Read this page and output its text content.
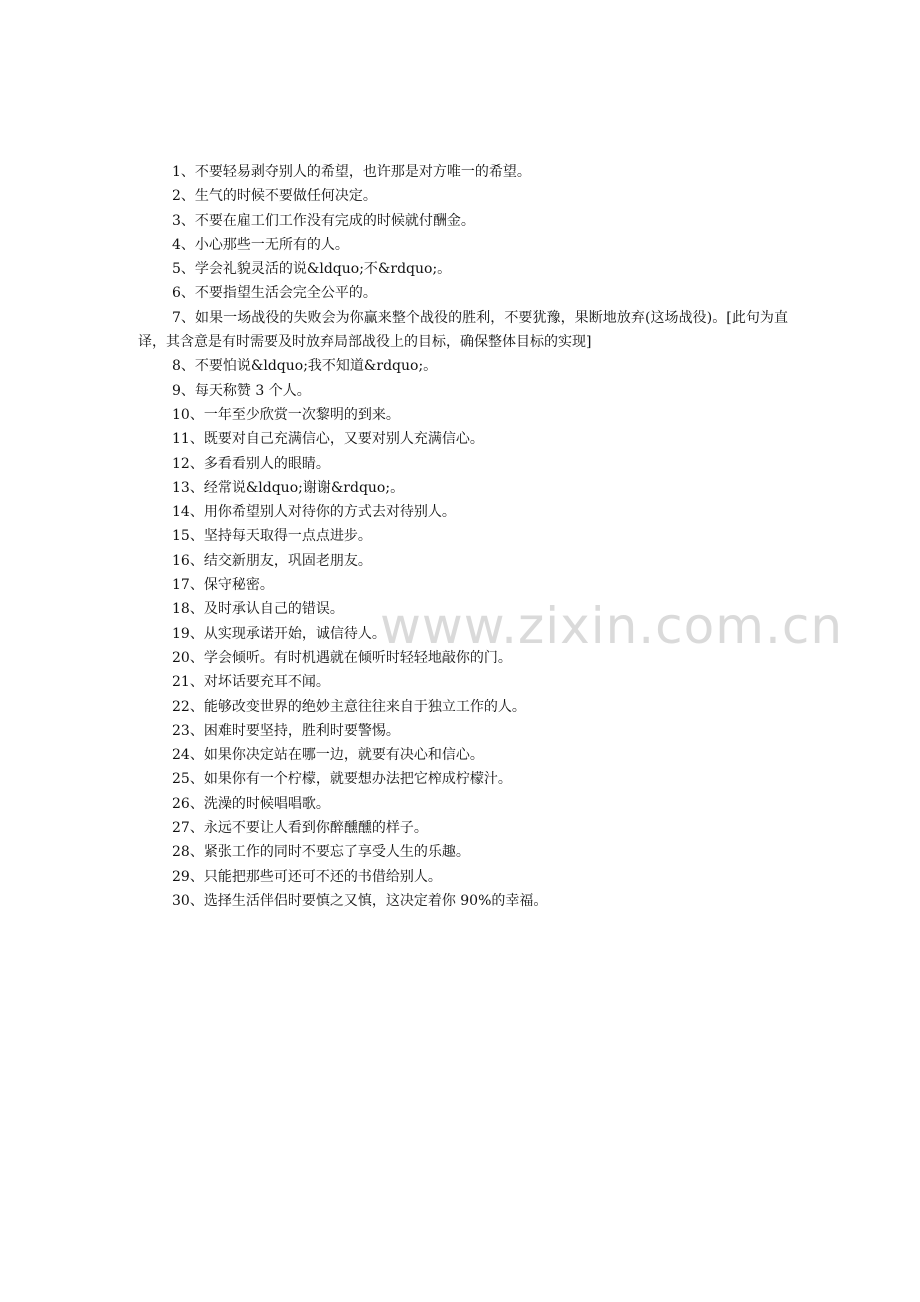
1、不要轻易剥夺别人的希望，也许那是对方唯一的希望。

2、生气的时候不要做任何决定。

3、不要在雇工们工作没有完成的时候就付酬金。

4、小心那些一无所有的人。

5、学会礼貌灵活的说&ldquo;不&rdquo;。

6、不要指望生活会完全公平的。

7、如果一场战役的失败会为你赢来整个战役的胜利，不要犹豫，果断地放弃(这场战役)。[此句为直译，其含意是有时需要及时放弃局部战役上的目标，确保整体目标的实现]

8、不要怕说&ldquo;我不知道&rdquo;。

9、每天称赞 3 个人。

10、一年至少欣赏一次黎明的到来。

11、既要对自己充满信心，又要对别人充满信心。

12、多看看别人的眼睛。

13、经常说&ldquo;谢谢&rdquo;。

14、用你希望别人对待你的方式去对待别人。

15、坚持每天取得一点点进步。

16、结交新朋友，巩固老朋友。

17、保守秘密。

18、及时承认自己的错误。

19、从实现承诺开始，诚信待人。

20、学会倾听。有时机遇就在倾听时轻轻地敲你的门。

21、对坏话要充耳不闻。

22、能够改变世界的绝妙主意往往来自于独立工作的人。

23、困难时要坚持，胜利时要警惕。

24、如果你决定站在哪一边，就要有决心和信心。

25、如果你有一个柠檬，就要想办法把它榨成柠檬汁。

26、洗澡的时候唱唱歌。

27、永远不要让人看到你醉醺醺的样子。

28、紧张工作的同时不要忘了享受人生的乐趣。

29、只能把那些可还可不还的书借给别人。

30、选择生活伴侣时要慎之又慎，这决定着你 90%的幸福。

www.zixin.com.cn
